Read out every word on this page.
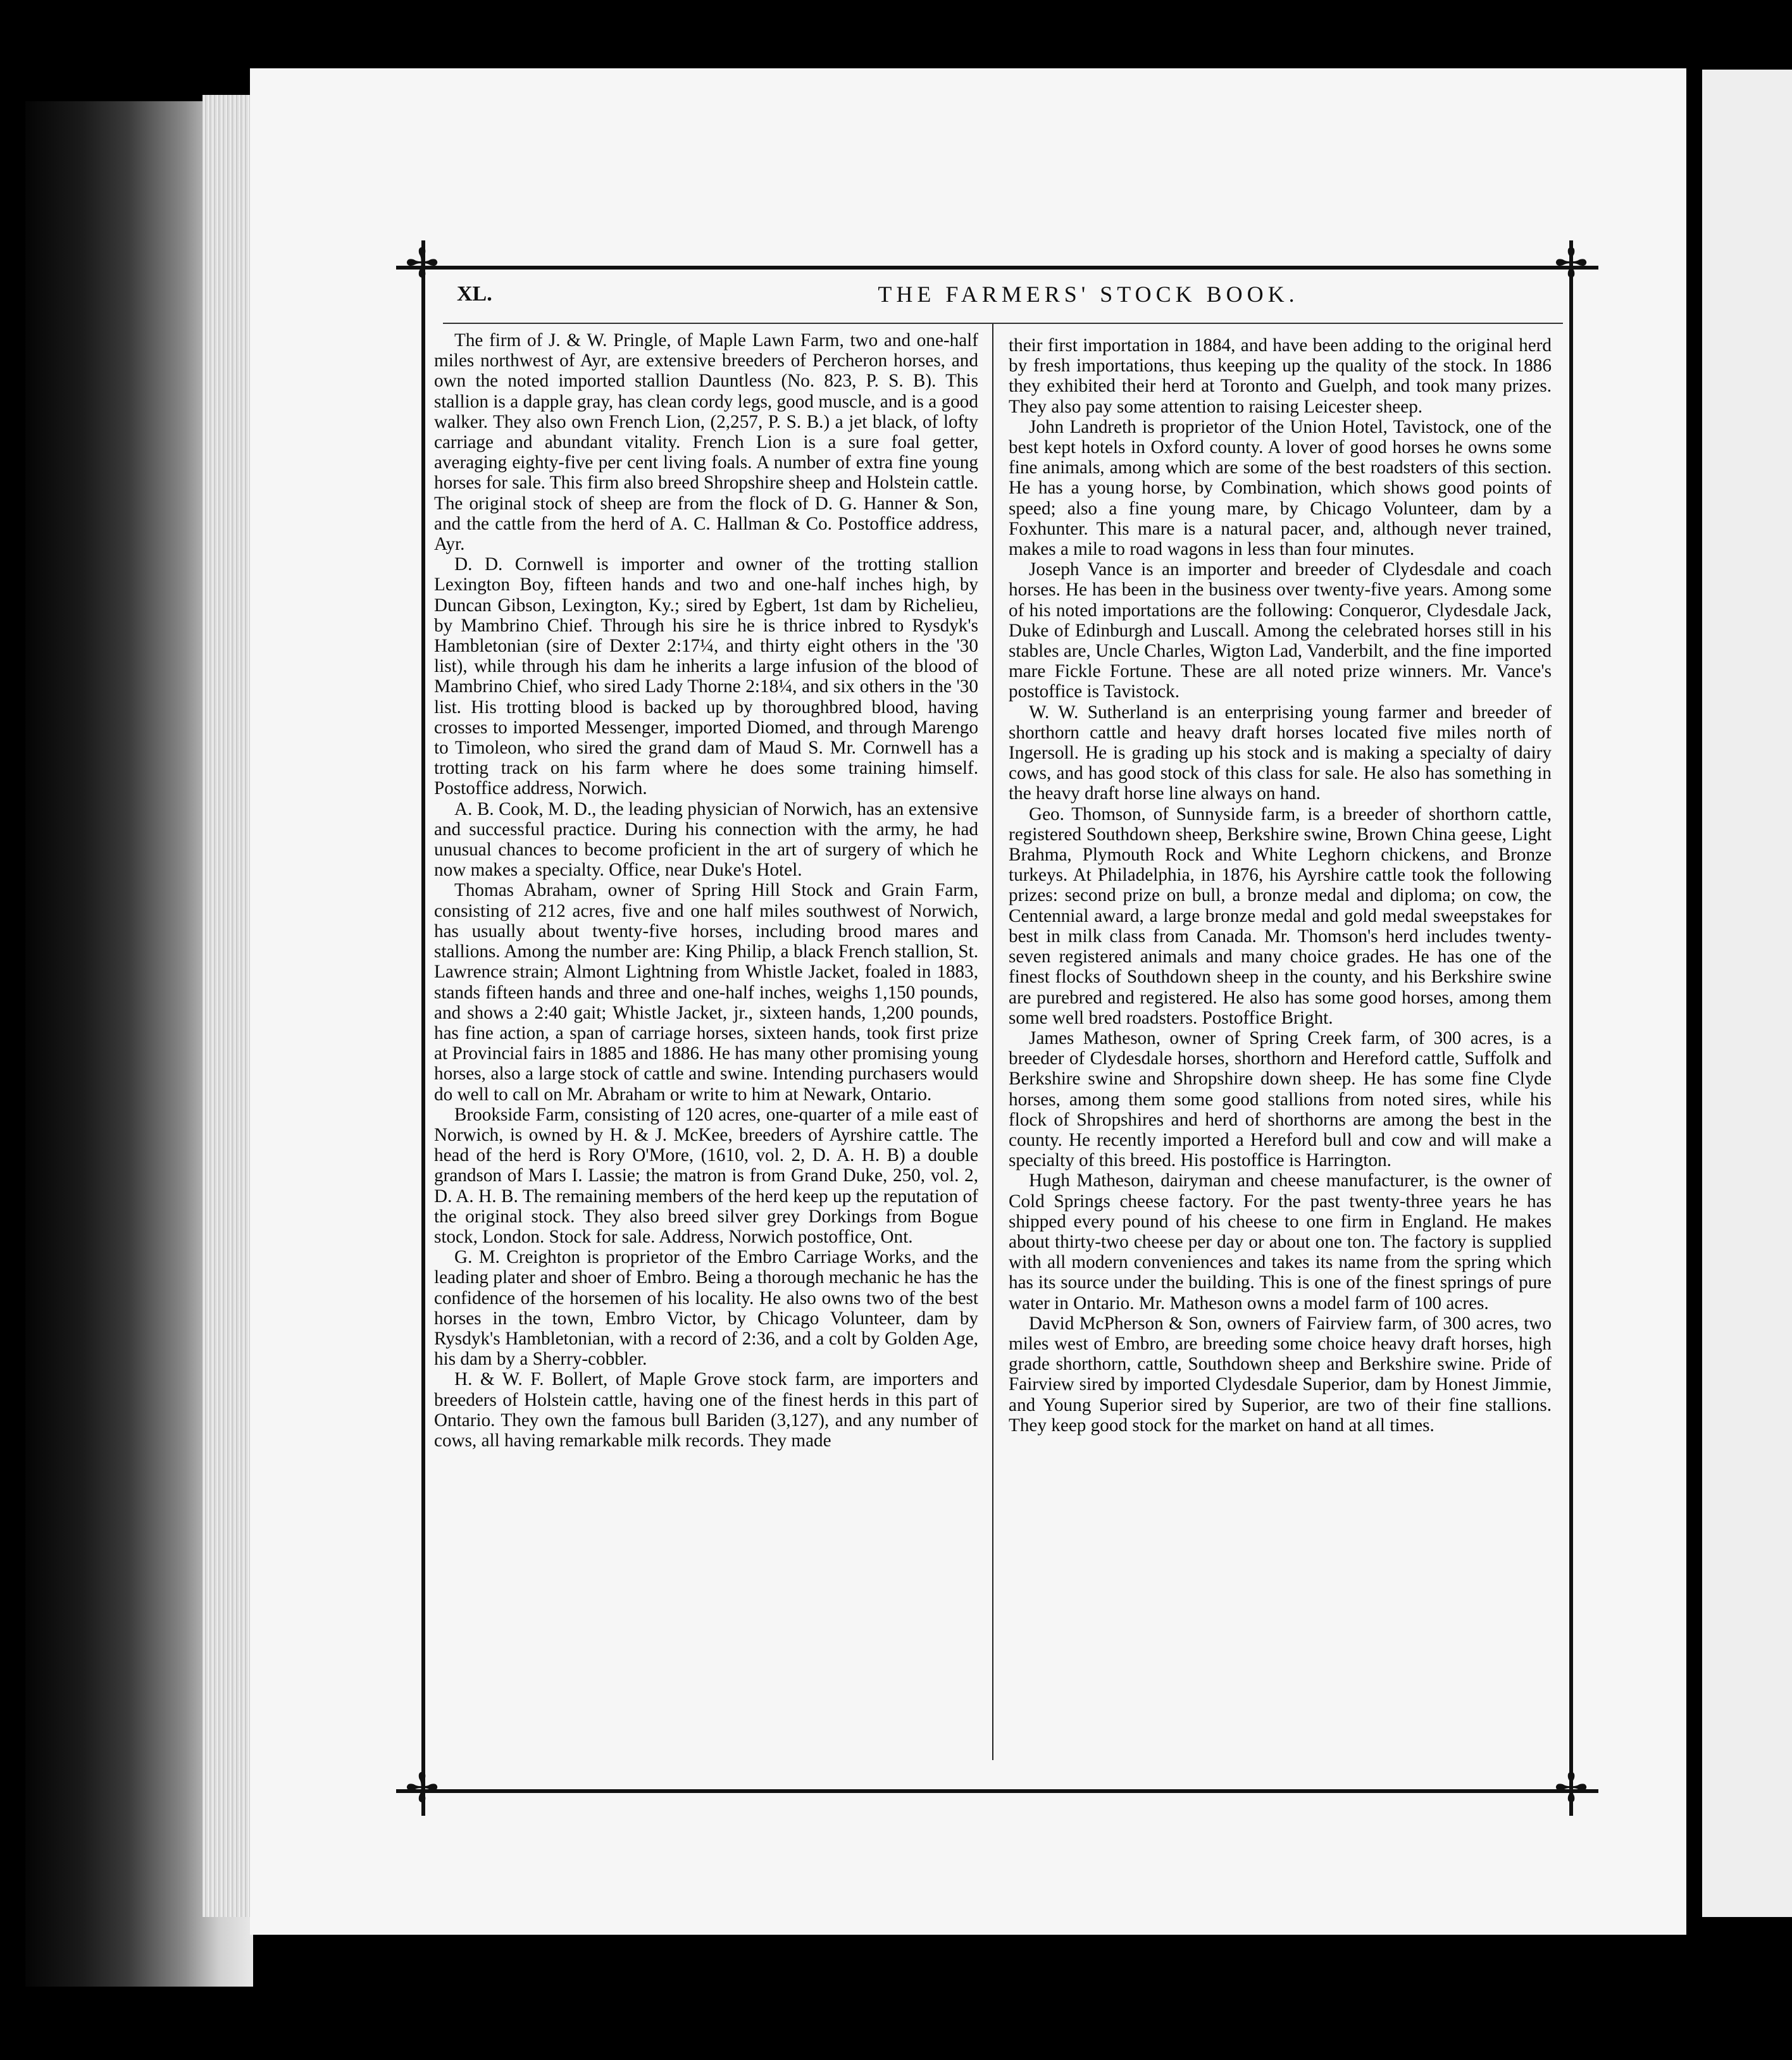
✢	✢
✢	✢
XL.	THE FARMERS' STOCK BOOK.

The firm of J. & W. Pringle, of Maple Lawn Farm, two and one-half miles northwest of Ayr, are extensive breeders of Percheron horses, and own the noted imported stallion Dauntless (No. 823, P. S. B). This stallion is a dapple gray, has clean cordy legs, good muscle, and is a good walker. They also own French Lion, (2,257, P. S. B.) a jet black, of lofty carriage and abundant vitality. French Lion is a sure foal getter, averaging eighty-five per cent living foals. A number of extra fine young horses for sale. This firm also breed Shropshire sheep and Holstein cattle. The original stock of sheep are from the flock of D. G. Hanner & Son, and the cattle from the herd of A. C. Hallman & Co. Postoffice address, Ayr.

D. D. Cornwell is importer and owner of the trotting stallion Lexington Boy, fifteen hands and two and one-half inches high, by Duncan Gibson, Lexington, Ky.; sired by Egbert, 1st dam by Richelieu, by Mambrino Chief. Through his sire he is thrice inbred to Rysdyk's Hambletonian (sire of Dexter 2:17¼, and thirty eight others in the '30 list), while through his dam he inherits a large infusion of the blood of Mambrino Chief, who sired Lady Thorne 2:18¼, and six others in the '30 list. His trotting blood is backed up by thoroughbred blood, having crosses to imported Messenger, imported Diomed, and through Marengo to Timoleon, who sired the grand dam of Maud S. Mr. Cornwell has a trotting track on his farm where he does some training himself. Postoffice address, Norwich.

A. B. Cook, M. D., the leading physician of Norwich, has an extensive and successful practice. During his connection with the army, he had unusual chances to become proficient in the art of surgery of which he now makes a specialty. Office, near Duke's Hotel.

Thomas Abraham, owner of Spring Hill Stock and Grain Farm, consisting of 212 acres, five and one half miles southwest of Norwich, has usually about twenty-five horses, including brood mares and stallions. Among the number are: King Philip, a black French stallion, St. Lawrence strain; Almont Lightning from Whistle Jacket, foaled in 1883, stands fifteen hands and three and one-half inches, weighs 1,150 pounds, and shows a 2:40 gait; Whistle Jacket, jr., sixteen hands, 1,200 pounds, has fine action, a span of carriage horses, sixteen hands, took first prize at Provincial fairs in 1885 and 1886. He has many other promising young horses, also a large stock of cattle and swine. Intending purchasers would do well to call on Mr. Abraham or write to him at Newark, Ontario.

Brookside Farm, consisting of 120 acres, one-quarter of a mile east of Norwich, is owned by H. & J. McKee, breeders of Ayrshire cattle. The head of the herd is Rory O'More, (1610, vol. 2, D. A. H. B) a double grandson of Mars I. Lassie; the matron is from Grand Duke, 250, vol. 2, D. A. H. B. The remaining members of the herd keep up the reputation of the original stock. They also breed silver grey Dorkings from Bogue stock, London. Stock for sale. Address, Norwich postoffice, Ont.

G. M. Creighton is proprietor of the Embro Carriage Works, and the leading plater and shoer of Embro. Being a thorough mechanic he has the confidence of the horsemen of his locality. He also owns two of the best horses in the town, Embro Victor, by Chicago Volunteer, dam by Rysdyk's Hambletonian, with a record of 2:36, and a colt by Golden Age, his dam by a Sherry-cobbler.

H. & W. F. Bollert, of Maple Grove stock farm, are importers and breeders of Holstein cattle, having one of the finest herds in this part of Ontario. They own the famous bull Bariden (3,127), and any number of cows, all having remarkable milk records. They made

their first importation in 1884, and have been adding to the original herd by fresh importations, thus keeping up the quality of the stock. In 1886 they exhibited their herd at Toronto and Guelph, and took many prizes. They also pay some attention to raising Leicester sheep.

John Landreth is proprietor of the Union Hotel, Tavistock, one of the best kept hotels in Oxford county. A lover of good horses he owns some fine animals, among which are some of the best roadsters of this section. He has a young horse, by Combination, which shows good points of speed; also a fine young mare, by Chicago Volunteer, dam by a Foxhunter. This mare is a natural pacer, and, although never trained, makes a mile to road wagons in less than four minutes.

Joseph Vance is an importer and breeder of Clydesdale and coach horses. He has been in the business over twenty-five years. Among some of his noted importations are the following: Conqueror, Clydesdale Jack, Duke of Edinburgh and Luscall. Among the celebrated horses still in his stables are, Uncle Charles, Wigton Lad, Vanderbilt, and the fine imported mare Fickle Fortune. These are all noted prize winners. Mr. Vance's postoffice is Tavistock.

W. W. Sutherland is an enterprising young farmer and breeder of shorthorn cattle and heavy draft horses located five miles north of Ingersoll. He is grading up his stock and is making a specialty of dairy cows, and has good stock of this class for sale. He also has something in the heavy draft horse line always on hand.

Geo. Thomson, of Sunnyside farm, is a breeder of shorthorn cattle, registered Southdown sheep, Berkshire swine, Brown China geese, Light Brahma, Plymouth Rock and White Leghorn chickens, and Bronze turkeys. At Philadelphia, in 1876, his Ayrshire cattle took the following prizes: second prize on bull, a bronze medal and diploma; on cow, the Centennial award, a large bronze medal and gold medal sweepstakes for best in milk class from Canada. Mr. Thomson's herd includes twenty-seven registered animals and many choice grades. He has one of the finest flocks of Southdown sheep in the county, and his Berkshire swine are purebred and registered. He also has some good horses, among them some well bred roadsters. Postoffice Bright.

James Matheson, owner of Spring Creek farm, of 300 acres, is a breeder of Clydesdale horses, shorthorn and Hereford cattle, Suffolk and Berkshire swine and Shropshire down sheep. He has some fine Clyde horses, among them some good stallions from noted sires, while his flock of Shropshires and herd of shorthorns are among the best in the county. He recently imported a Hereford bull and cow and will make a specialty of this breed. His postoffice is Harrington.

Hugh Matheson, dairyman and cheese manufacturer, is the owner of Cold Springs cheese factory. For the past twenty-three years he has shipped every pound of his cheese to one firm in England. He makes about thirty-two cheese per day or about one ton. The factory is supplied with all modern conveniences and takes its name from the spring which has its source under the building. This is one of the finest springs of pure water in Ontario. Mr. Matheson owns a model farm of 100 acres.

David McPherson & Son, owners of Fairview farm, of 300 acres, two miles west of Embro, are breeding some choice heavy draft horses, high grade shorthorn, cattle, Southdown sheep and Berkshire swine. Pride of Fairview sired by imported Clydesdale Superior, dam by Honest Jimmie, and Young Superior sired by Superior, are two of their fine stallions. They keep good stock for the market on hand at all times.
